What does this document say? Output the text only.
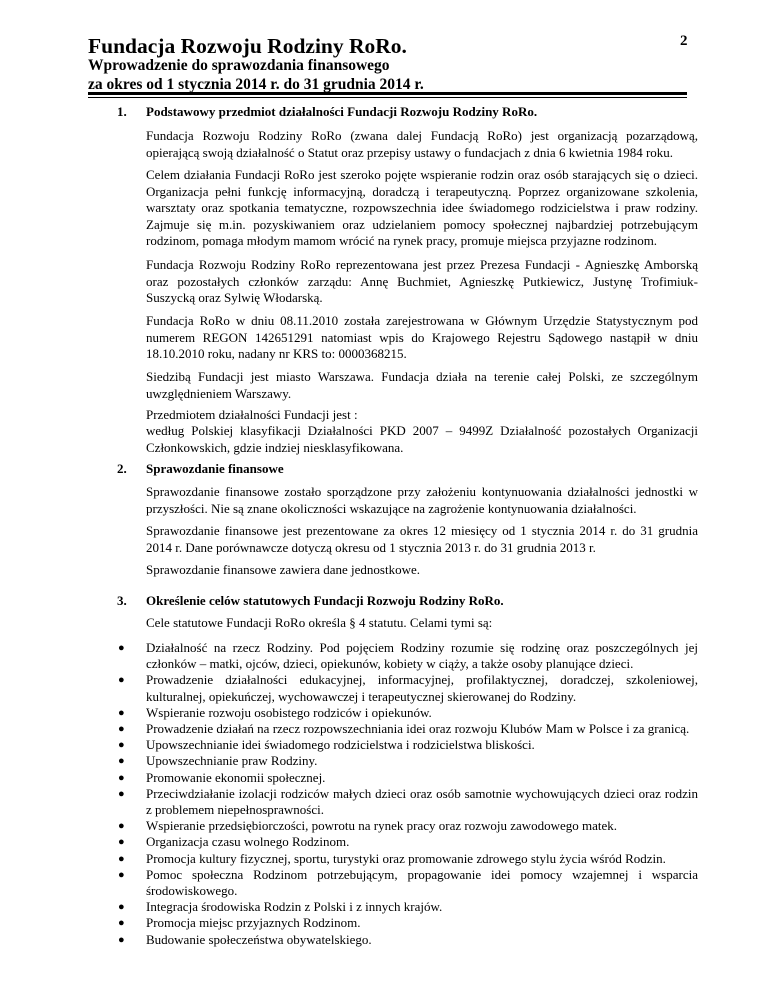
Fundacja Rozwoju Rodziny RoRo.	2
Wprowadzenie do sprawozdania finansowego
za okres od 1 stycznia 2014 r. do 31 grudnia 2014 r.
1. Podstawowy przedmiot działalności Fundacji Rozwoju Rodziny RoRo.

Fundacja Rozwoju Rodziny RoRo (zwana dalej Fundacją RoRo) jest organizacją pozarządową, opierającą swoją działalność o Statut oraz przepisy ustawy o fundacjach z dnia 6 kwietnia 1984 roku.

Celem działania Fundacji RoRo jest szeroko pojęte wspieranie rodzin oraz osób starających się o dzieci. Organizacja pełni funkcję informacyjną, doradczą i terapeutyczną. Poprzez organizowane szkolenia, warsztaty oraz spotkania tematyczne, rozpowszechnia idee świadomego rodzicielstwa i praw rodziny. Zajmuje się m.in. pozyskiwaniem oraz udzielaniem pomocy społecznej najbardziej potrzebującym rodzinom, pomaga młodym mamom wrócić na rynek pracy, promuje miejsca przyjazne rodzinom.

Fundacja Rozwoju Rodziny RoRo reprezentowana jest przez Prezesa Fundacji - Agnieszkę Amborską oraz pozostałych członków zarządu: Annę Buchmiet, Agnieszkę Putkiewicz, Justynę Trofimiuk- Suszycką oraz Sylwię Włodarską.

Fundacja RoRo w dniu 08.11.2010 została zarejestrowana w Głównym Urzędzie Statystycznym pod numerem REGON 142651291 natomiast wpis do Krajowego Rejestru Sądowego nastąpił w dniu 18.10.2010 roku, nadany nr KRS to: 0000368215.

Siedzibą Fundacji jest miasto Warszawa. Fundacja działa na terenie całej Polski, ze szczególnym uwzględnieniem Warszawy.

Przedmiotem działalności Fundacji jest :

według Polskiej klasyfikacji Działalności PKD 2007 – 9499Z Działalność pozostałych Organizacji Członkowskich, gdzie indziej niesklasyfikowana.

2. Sprawozdanie finansowe

Sprawozdanie finansowe zostało sporządzone przy założeniu kontynuowania działalności jednostki w przyszłości. Nie są znane okoliczności wskazujące na zagrożenie kontynuowania działalności.

Sprawozdanie finansowe jest prezentowane za okres 12 miesięcy od 1 stycznia 2014 r. do 31 grudnia 2014 r. Dane porównawcze dotyczą okresu od 1 stycznia 2013 r. do 31 grudnia 2013 r.

Sprawozdanie finansowe zawiera dane jednostkowe.

3. Określenie celów statutowych Fundacji Rozwoju Rodziny RoRo.

Cele statutowe Fundacji RoRo określa § 4 statutu. Celami tymi są:

● Działalność na rzecz Rodziny. Pod pojęciem Rodziny rozumie się rodzinę oraz poszczególnych jej członków – matki, ojców, dzieci, opiekunów, kobiety w ciąży, a także osoby planujące dzieci.
● Prowadzenie działalności edukacyjnej, informacyjnej, profilaktycznej, doradczej, szkoleniowej, kulturalnej, opiekuńczej, wychowawczej i terapeutycznej skierowanej do Rodziny.
● Wspieranie rozwoju osobistego rodziców i opiekunów.
● Prowadzenie działań na rzecz rozpowszechniania idei oraz rozwoju Klubów Mam w Polsce i za granicą.
● Upowszechnianie idei świadomego rodzicielstwa i rodzicielstwa bliskości.
● Upowszechnianie praw Rodziny.
● Promowanie ekonomii społecznej.
● Przeciwdziałanie izolacji rodziców małych dzieci oraz osób samotnie wychowujących dzieci oraz rodzin z problemem niepełnosprawności.
● Wspieranie przedsiębiorczości, powrotu na rynek pracy oraz rozwoju zawodowego matek.
● Organizacja czasu wolnego Rodzinom.
● Promocja kultury fizycznej, sportu, turystyki oraz promowanie zdrowego stylu życia wśród Rodzin.
● Pomoc społeczna Rodzinom potrzebującym, propagowanie idei pomocy wzajemnej i wsparcia środowiskowego.
● Integracja środowiska Rodzin z Polski i z innych krajów.
● Promocja miejsc przyjaznych Rodzinom.
● Budowanie społeczeństwa obywatelskiego.
